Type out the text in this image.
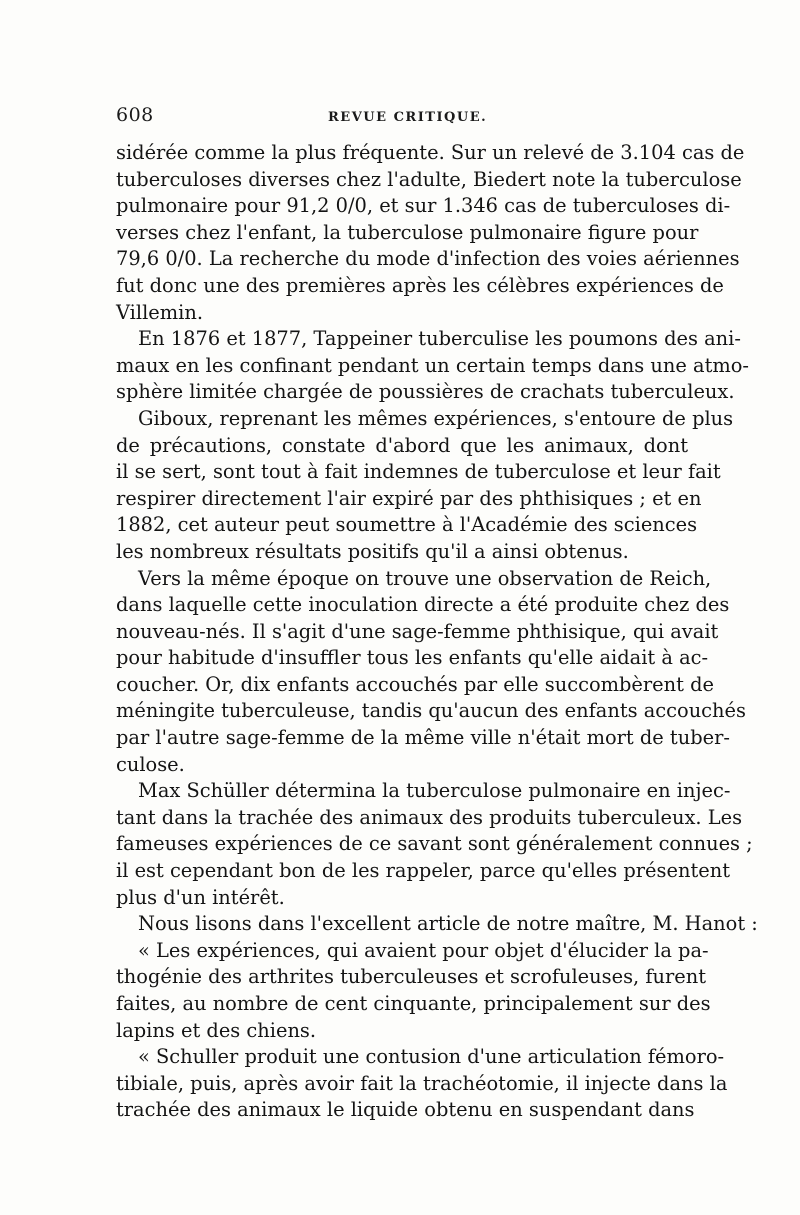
608	REVUE CRITIQUE.
sidérée comme la plus fréquente. Sur un relevé de 3.104 cas de
tuberculoses diverses chez l'adulte, Biedert note la tuberculose
pulmonaire pour 91,2 0/0, et sur 1.346 cas de tuberculoses di-
verses chez l'enfant, la tuberculose pulmonaire figure pour
79,6 0/0. La recherche du mode d'infection des voies aériennes
fut donc une des premières après les célèbres expériences de
Villemin.
En 1876 et 1877, Tappeiner tuberculise les poumons des ani-
maux en les confinant pendant un certain temps dans une atmo-
sphère limitée chargée de poussières de crachats tuberculeux.
Giboux, reprenant les mêmes expériences, s'entoure de plus
de précautions, constate d'abord que les animaux, dont
il se sert, sont tout à fait indemnes de tuberculose et leur fait
respirer directement l'air expiré par des phthisiques ; et en
1882, cet auteur peut soumettre à l'Académie des sciences
les nombreux résultats positifs qu'il a ainsi obtenus.
Vers la même époque on trouve une observation de Reich,
dans laquelle cette inoculation directe a été produite chez des
nouveau-nés. Il s'agit d'une sage-femme phthisique, qui avait
pour habitude d'insuffler tous les enfants qu'elle aidait à ac-
coucher. Or, dix enfants accouchés par elle succombèrent de
méningite tuberculeuse, tandis qu'aucun des enfants accouchés
par l'autre sage-femme de la même ville n'était mort de tuber-
culose.
Max Schüller détermina la tuberculose pulmonaire en injec-
tant dans la trachée des animaux des produits tuberculeux. Les
fameuses expériences de ce savant sont généralement connues ;
il est cependant bon de les rappeler, parce qu'elles présentent
plus d'un intérêt.
Nous lisons dans l'excellent article de notre maître, M. Hanot :
« Les expériences, qui avaient pour objet d'élucider la pa-
thogénie des arthrites tuberculeuses et scrofuleuses, furent
faites, au nombre de cent cinquante, principalement sur des
lapins et des chiens.
« Schuller produit une contusion d'une articulation fémoro-
tibiale, puis, après avoir fait la trachéotomie, il injecte dans la
trachée des animaux le liquide obtenu en suspendant dans
